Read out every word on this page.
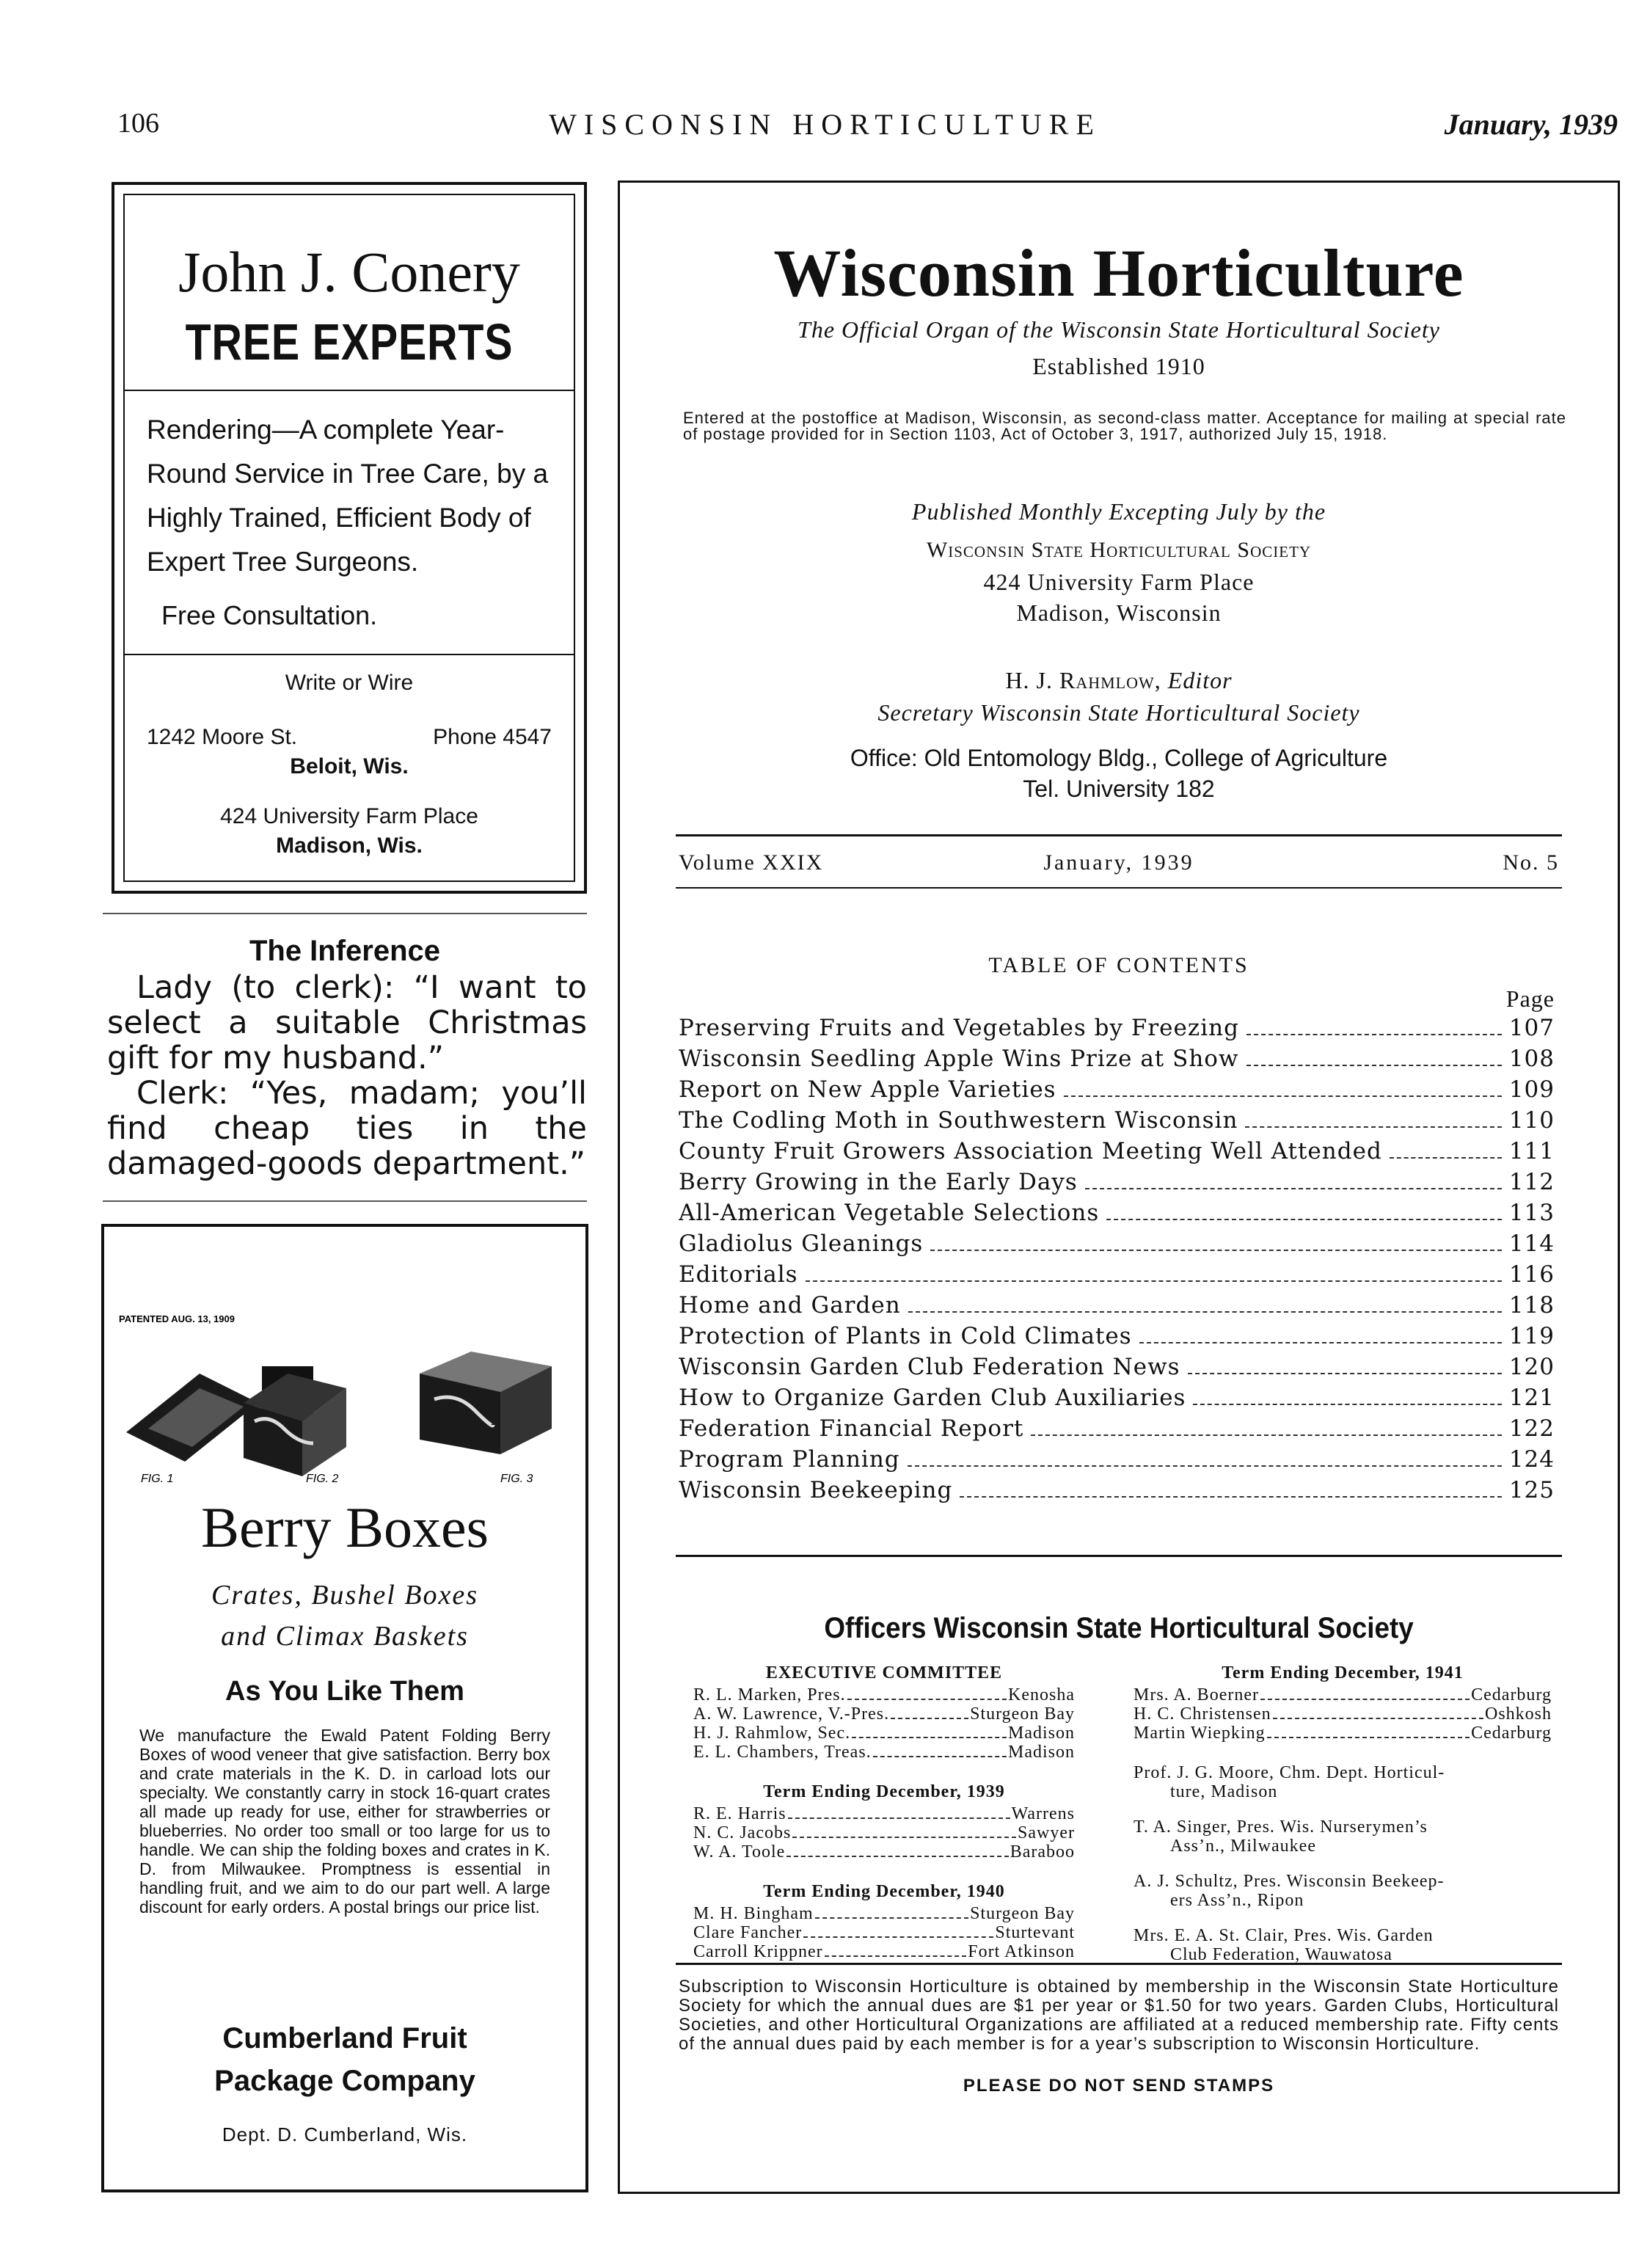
106	WISCONSIN HORTICULTURE	January, 1939
John J. Conery
TREE EXPERTS
Rendering—A complete Year-Round Service in Tree Care, by a Highly Trained, Efficient Body of Expert Tree Surgeons.
Free Consultation.
Write or Wire
1242 Moore St.	Phone 4547
Beloit, Wis.
424 University Farm Place
Madison, Wis.
The Inference

Lady (to clerk): “I want to select a suitable Christmas gift for my husband.”

Clerk: “Yes, madam; you’ll find cheap ties in the damaged-goods department.”

PATENTED AUG. 13, 1909
FIG. 1	FIG. 2	FIG. 3
Berry Boxes
Crates, Bushel Boxes
and Climax Baskets
As You Like Them
We manufacture the Ewald Patent Folding Berry Boxes of wood veneer that give satisfaction. Berry box and crate materials in the K. D. in carload lots our specialty. We constantly carry in stock 16-quart crates all made up ready for use, either for strawberries or blueberries. No order too small or too large for us to handle. We can ship the folding boxes and crates in K. D. from Milwaukee. Promptness is essential in handling fruit, and we aim to do our part well. A large discount for early orders. A postal brings our price list.
Cumberland Fruit
Package Company
Dept. D. Cumberland, Wis.
Wisconsin Horticulture
The Official Organ of the Wisconsin State Horticultural Society
Established 1910
Entered at the postoffice at Madison, Wisconsin, as second-class matter. Acceptance for mailing at special rate of postage provided for in Section 1103, Act of October 3, 1917, authorized July 15, 1918.
Published Monthly Excepting July by the
Wisconsin State Horticultural Society
424 University Farm Place
Madison, Wisconsin
H. J. Rahmlow, Editor
Secretary Wisconsin State Horticultural Society
Office: Old Entomology Bldg., College of Agriculture
Tel. University 182
Volume XXIX	January, 1939	No. 5
TABLE OF CONTENTS
Page
Preserving Fruits and Vegetables by Freezing	107
Wisconsin Seedling Apple Wins Prize at Show	108
Report on New Apple Varieties	109
The Codling Moth in Southwestern Wisconsin	110
County Fruit Growers Association Meeting Well Attended	111
Berry Growing in the Early Days	112
All-American Vegetable Selections	113
Gladiolus Gleanings	114
Editorials	116
Home and Garden	118
Protection of Plants in Cold Climates	119
Wisconsin Garden Club Federation News	120
How to Organize Garden Club Auxiliaries	121
Federation Financial Report	122
Program Planning	124
Wisconsin Beekeeping	125
Officers Wisconsin State Horticultural Society
EXECUTIVE COMMITTEE
R. L. Marken, Pres.	Kenosha
A. W. Lawrence, V.-Pres.	Sturgeon Bay
H. J. Rahmlow, Sec.	Madison
E. L. Chambers, Treas.	Madison
Term Ending December, 1939
R. E. Harris	Warrens
N. C. Jacobs	Sawyer
W. A. Toole	Baraboo
Term Ending December, 1940
M. H. Bingham	Sturgeon Bay
Clare Fancher	Sturtevant
Carroll Krippner	Fort Atkinson
Term Ending December, 1941
Mrs. A. Boerner	Cedarburg
H. C. Christensen	Oshkosh
Martin Wiepking	Cedarburg
Prof. J. G. Moore, Chm. Dept. Horticul-
ture, Madison
T. A. Singer, Pres. Wis. Nurserymen’s
Ass’n., Milwaukee
A. J. Schultz, Pres. Wisconsin Beekeep-
ers Ass’n., Ripon
Mrs. E. A. St. Clair, Pres. Wis. Garden
Club Federation, Wauwatosa
Subscription to Wisconsin Horticulture is obtained by membership in the Wisconsin State Horticulture Society for which the annual dues are $1 per year or $1.50 for two years. Garden Clubs, Horticultural Societies, and other Horticultural Organizations are affiliated at a reduced membership rate. Fifty cents of the annual dues paid by each member is for a year’s subscription to Wisconsin Horticulture.
PLEASE DO NOT SEND STAMPS
